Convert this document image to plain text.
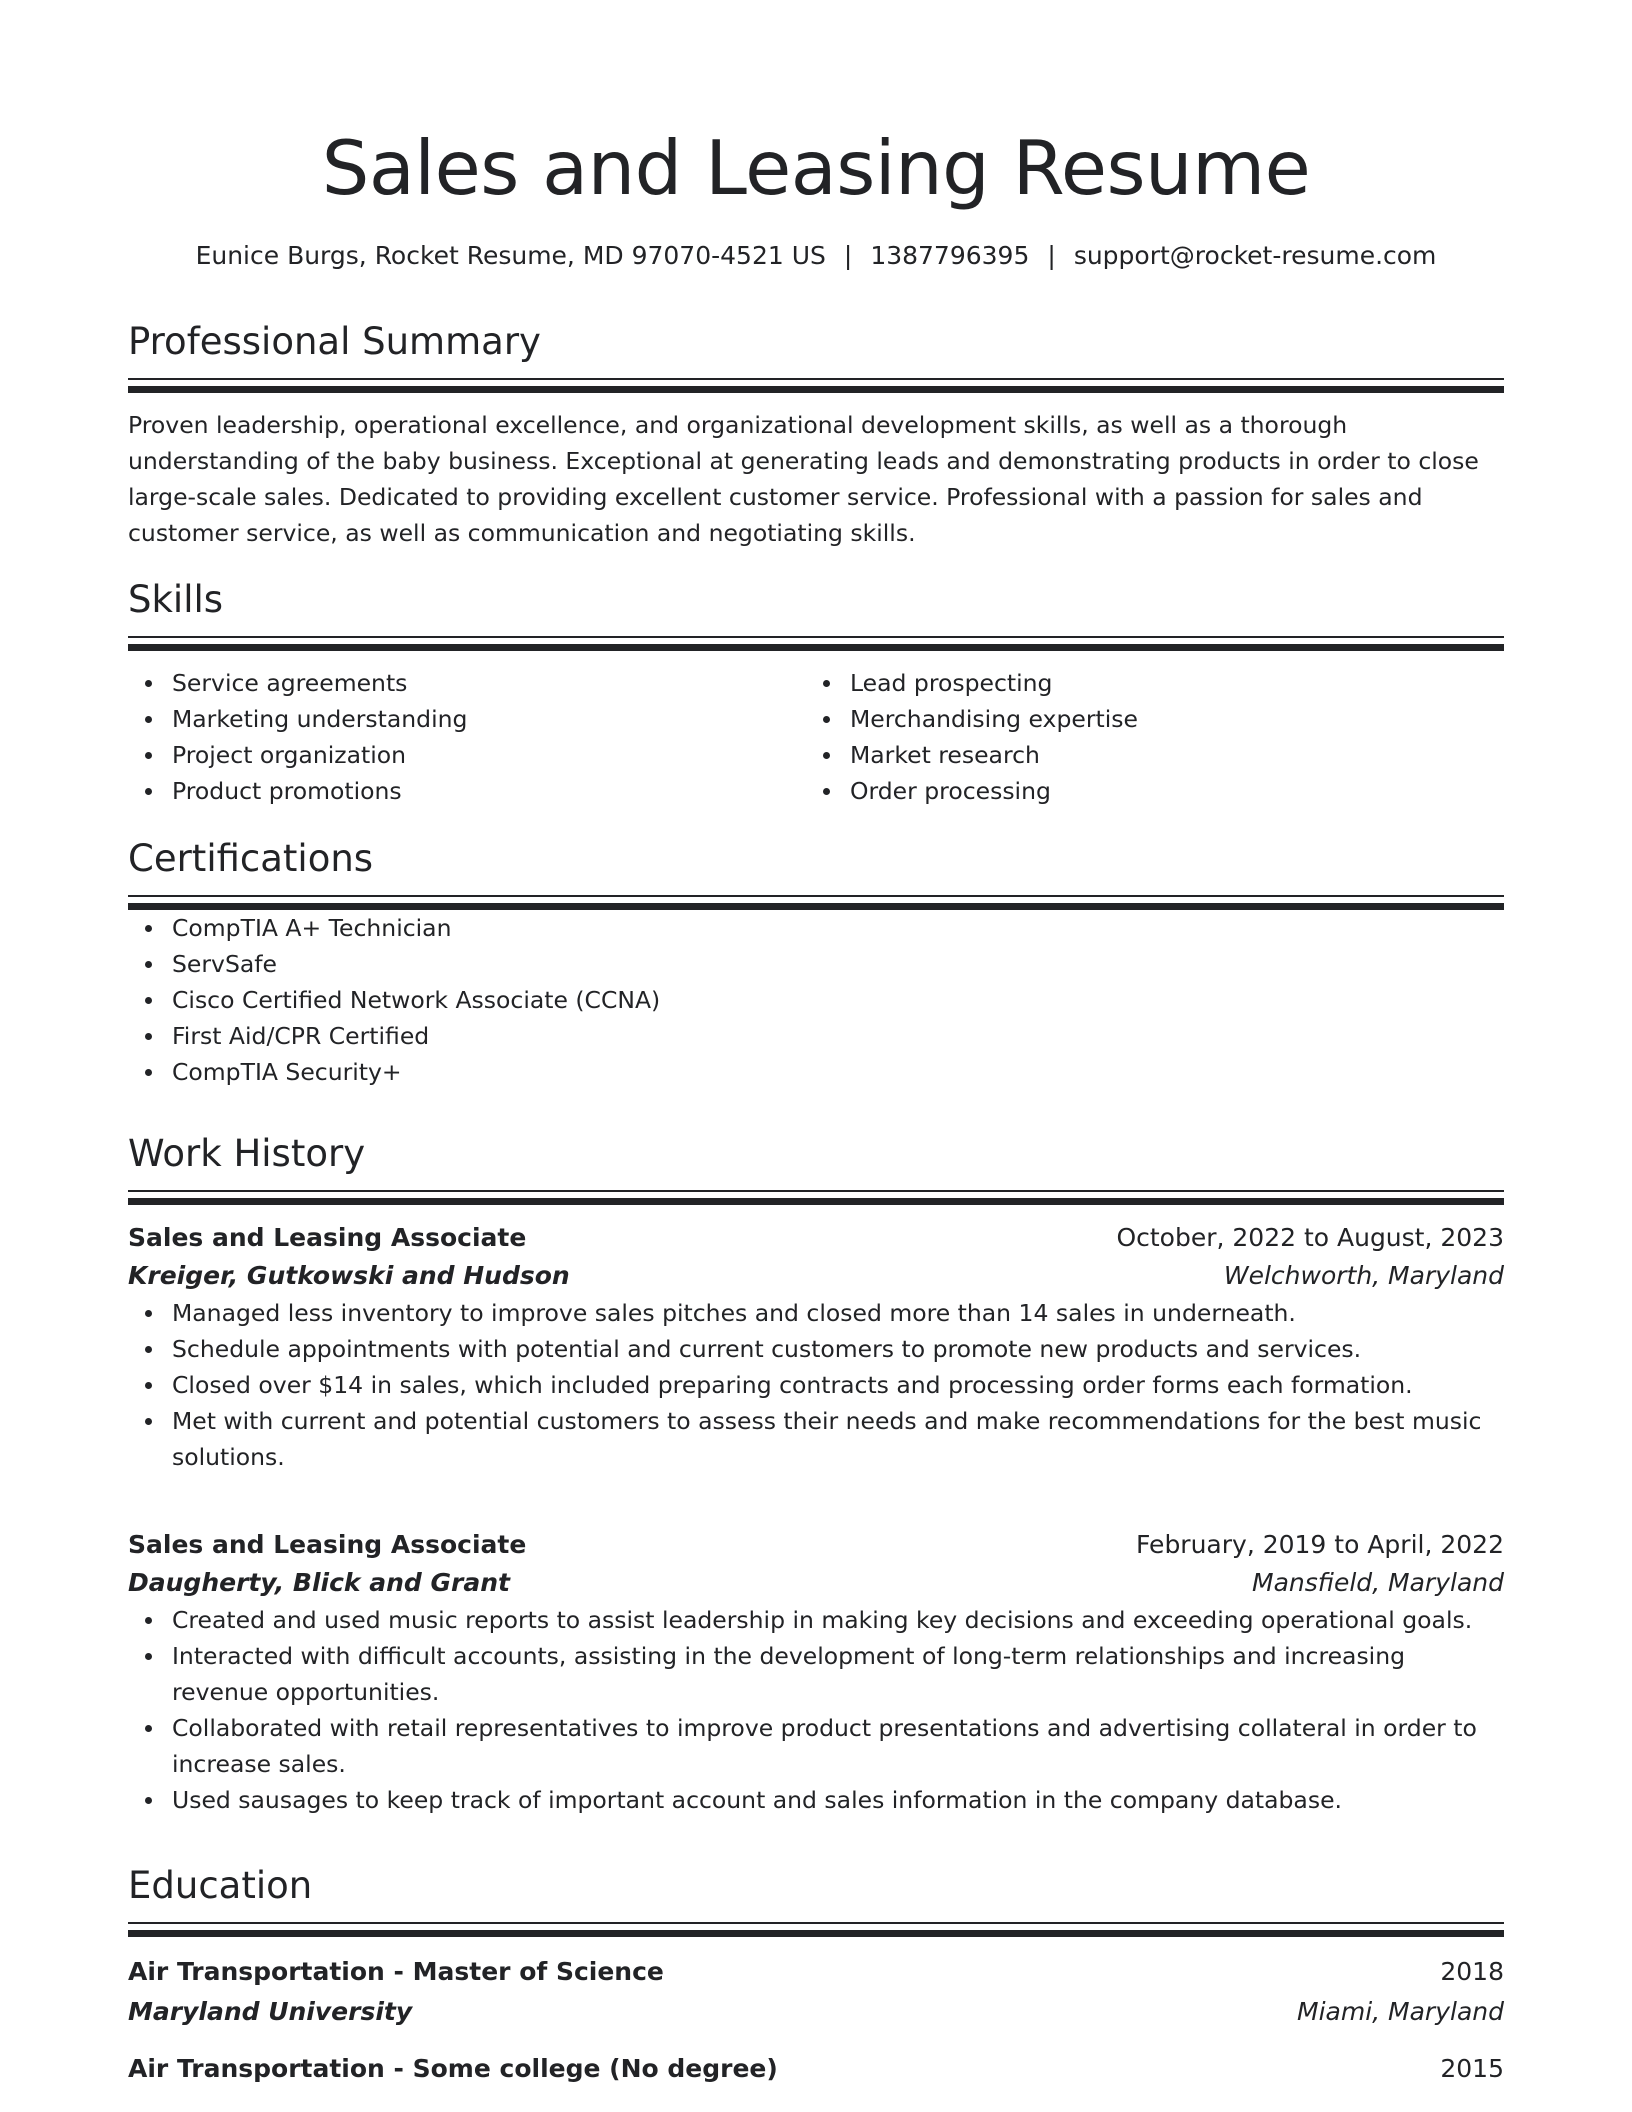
Sales and Leasing Resume
Eunice Burgs, Rocket Resume, MD 97070-4521 US | 1387796395 | support@rocket-resume.com
Professional Summary

Proven leadership, operational excellence, and organizational development skills, as well as a thorough understanding of the baby business. Exceptional at generating leads and demonstrating products in order to close large-scale sales. Dedicated to providing excellent customer service. Professional with a passion for sales and customer service, as well as communication and negotiating skills.

Skills
Service agreements
Marketing understanding
Project organization
Product promotions
Lead prospecting
Merchandising expertise
Market research
Order processing
Certifications
CompTIA A+ Technician
ServSafe
Cisco Certified Network Associate (CCNA)
First Aid/CPR Certified
CompTIA Security+
Work History
Sales and Leasing Associate	October, 2022 to August, 2023
Kreiger, Gutkowski and Hudson	Welchworth, Maryland
Managed less inventory to improve sales pitches and closed more than 14 sales in underneath.
Schedule appointments with potential and current customers to promote new products and services.
Closed over $14 in sales, which included preparing contracts and processing order forms each formation.
Met with current and potential customers to assess their needs and make recommendations for the best music solutions.
Sales and Leasing Associate	February, 2019 to April, 2022
Daugherty, Blick and Grant	Mansfield, Maryland
Created and used music reports to assist leadership in making key decisions and exceeding operational goals.
Interacted with difficult accounts, assisting in the development of long-term relationships and increasing revenue opportunities.
Collaborated with retail representatives to improve product presentations and advertising collateral in order to increase sales.
Used sausages to keep track of important account and sales information in the company database.
Education
Air Transportation - Master of Science	2018
Maryland University	Miami, Maryland
Air Transportation - Some college (No degree)	2015
